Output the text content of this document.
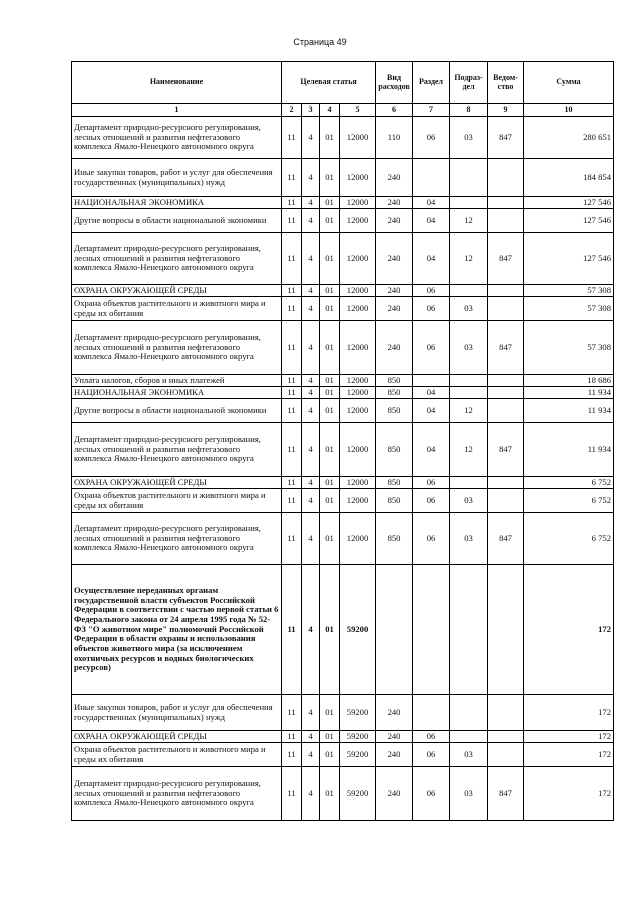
Страница 49
Наименование	Целевая статья				Вид расходов	Раздел	Подраз-дел	Ведом-ство	Сумма
1	2	3	4	5	6	7	8	9	10
Департамент природно-ресурсного регулирования, лесных отношений и развития нефтегазового комплекса Ямало-Ненецкого автономного округа	11	4	01	12000	110	06	03	847	280 651
Иные закупки товаров, работ и услуг для обеспечения государственных (муниципальных) нужд	11	4	01	12000	240				184 854
НАЦИОНАЛЬНАЯ ЭКОНОМИКА	11	4	01	12000	240	04			127 546
Другие вопросы в области национальной экономики	11	4	01	12000	240	04	12		127 546
Департамент природно-ресурсного регулирования, лесных отношений и развития нефтегазового комплекса Ямало-Ненецкого автономного округа	11	4	01	12000	240	04	12	847	127 546
ОХРАНА ОКРУЖАЮЩЕЙ СРЕДЫ	11	4	01	12000	240	06			57 308
Охрана объектов растительного и животного мира и среды их обитания	11	4	01	12000	240	06	03		57 308
Департамент природно-ресурсного регулирования, лесных отношений и развития нефтегазового комплекса Ямало-Ненецкого автономного округа	11	4	01	12000	240	06	03	847	57 308
Уплата налогов, сборов и иных платежей	11	4	01	12000	850				18 686
НАЦИОНАЛЬНАЯ ЭКОНОМИКА	11	4	01	12000	850	04			11 934
Другие вопросы в области национальной экономики	11	4	01	12000	850	04	12		11 934
Департамент природно-ресурсного регулирования, лесных отношений и развития нефтегазового комплекса Ямало-Ненецкого автономного округа	11	4	01	12000	850	04	12	847	11 934
ОХРАНА ОКРУЖАЮЩЕЙ СРЕДЫ	11	4	01	12000	850	06			6 752
Охрана объектов растительного и животного мира и среды их обитания	11	4	01	12000	850	06	03		6 752
Департамент природно-ресурсного регулирования, лесных отношений и развития нефтегазового комплекса Ямало-Ненецкого автономного округа	11	4	01	12000	850	06	03	847	6 752
Осуществление переданных органам государственной власти субъектов Российской Федерации в соответствии с частью первой статьи 6 Федерального закона от 24 апреля 1995 года № 52-ФЗ "О животном мире" полномочий Российской Федерации в области охраны и использования объектов животного мира (за исключением охотничьих ресурсов и водных биологических ресурсов)	11	4	01	59200					172
Иные закупки товаров, работ и услуг для обеспечения государственных (муниципальных) нужд	11	4	01	59200	240				172
ОХРАНА ОКРУЖАЮЩЕЙ СРЕДЫ	11	4	01	59200	240	06			172
Охрана объектов растительного и животного мира и среды их обитания	11	4	01	59200	240	06	03		172
Департамент природно-ресурсного регулирования, лесных отношений и развития нефтегазового комплекса Ямало-Ненецкого автономного округа	11	4	01	59200	240	06	03	847	172
